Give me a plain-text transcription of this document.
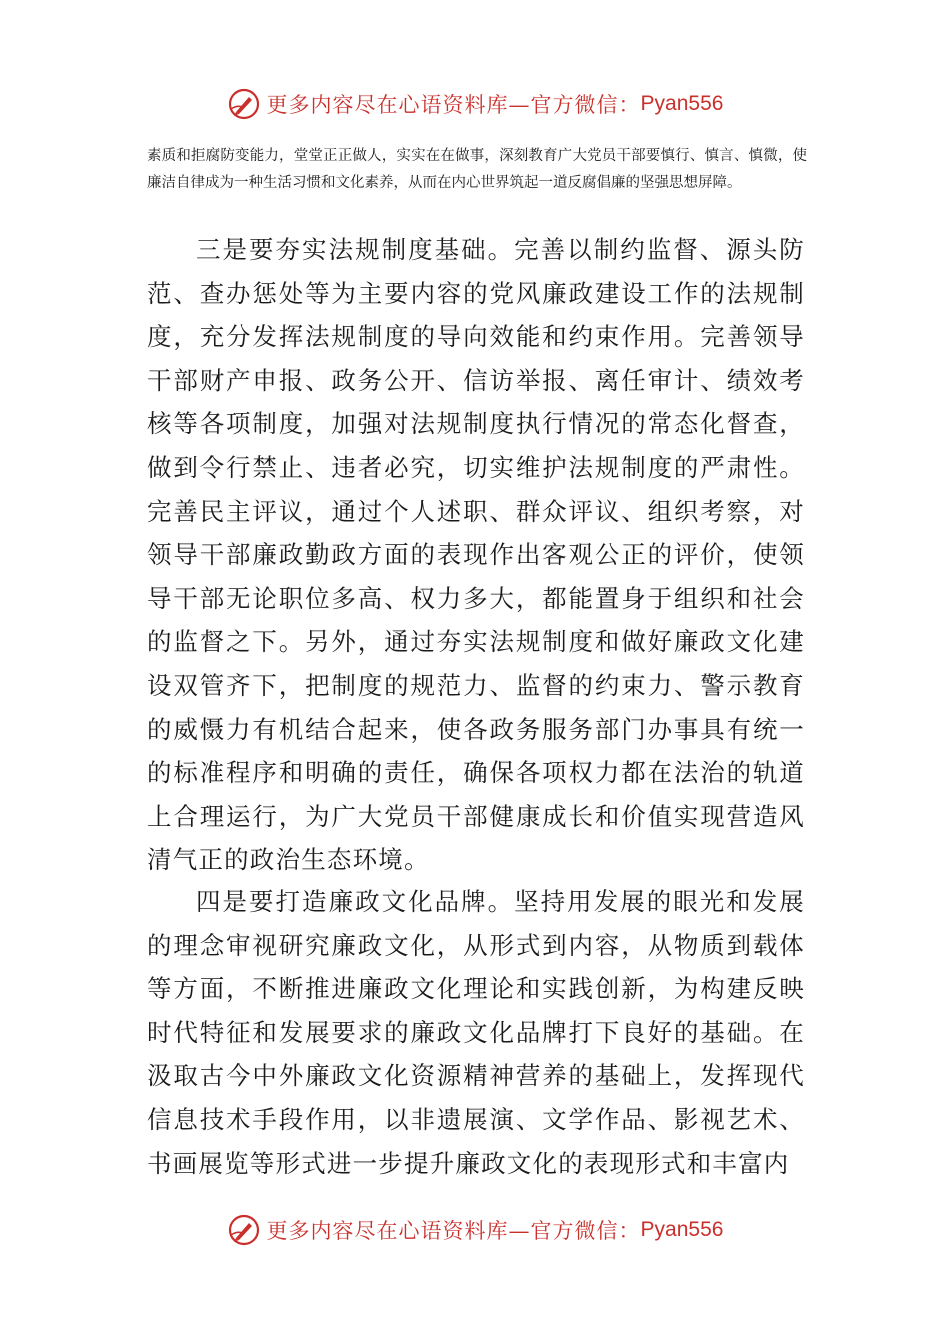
更多内容尽在心语资料库—官方微信： Pyan556

素质和拒腐防变能力，堂堂正正做人，实实在在做事，深刻教育广大党员干部要慎行、慎言、慎微，使廉洁自律成为一种生活习惯和文化素养，从而在内心世界筑起一道反腐倡廉的坚强思想屏障。

三是要夯实法规制度基础。完善以制约监督、源头防范、查办惩处等为主要内容的党风廉政建设工作的法规制度，充分发挥法规制度的导向效能和约束作用。完善领导干部财产申报、政务公开、信访举报、离任审计、绩效考核等各项制度，加强对法规制度执行情况的常态化督查，做到令行禁止、违者必究，切实维护法规制度的严肃性。完善民主评议，通过个人述职、群众评议、组织考察，对领导干部廉政勤政方面的表现作出客观公正的评价，使领导干部无论职位多高、权力多大，都能置身于组织和社会的监督之下。另外，通过夯实法规制度和做好廉政文化建设双管齐下，把制度的规范力、监督的约束力、警示教育的威慑力有机结合起来，使各政务服务部门办事具有统一的标准程序和明确的责任，确保各项权力都在法治的轨道上合理运行，为广大党员干部健康成长和价值实现营造风清气正的政治生态环境。

四是要打造廉政文化品牌。坚持用发展的眼光和发展的理念审视研究廉政文化，从形式到内容，从物质到载体等方面，不断推进廉政文化理论和实践创新，为构建反映时代特征和发展要求的廉政文化品牌打下良好的基础。在汲取古今中外廉政文化资源精神营养的基础上，发挥现代信息技术手段作用，以非遗展演、文学作品、影视艺术、书画展览等形式进一步提升廉政文化的表现形式和丰富内

更多内容尽在心语资料库—官方微信： Pyan556
